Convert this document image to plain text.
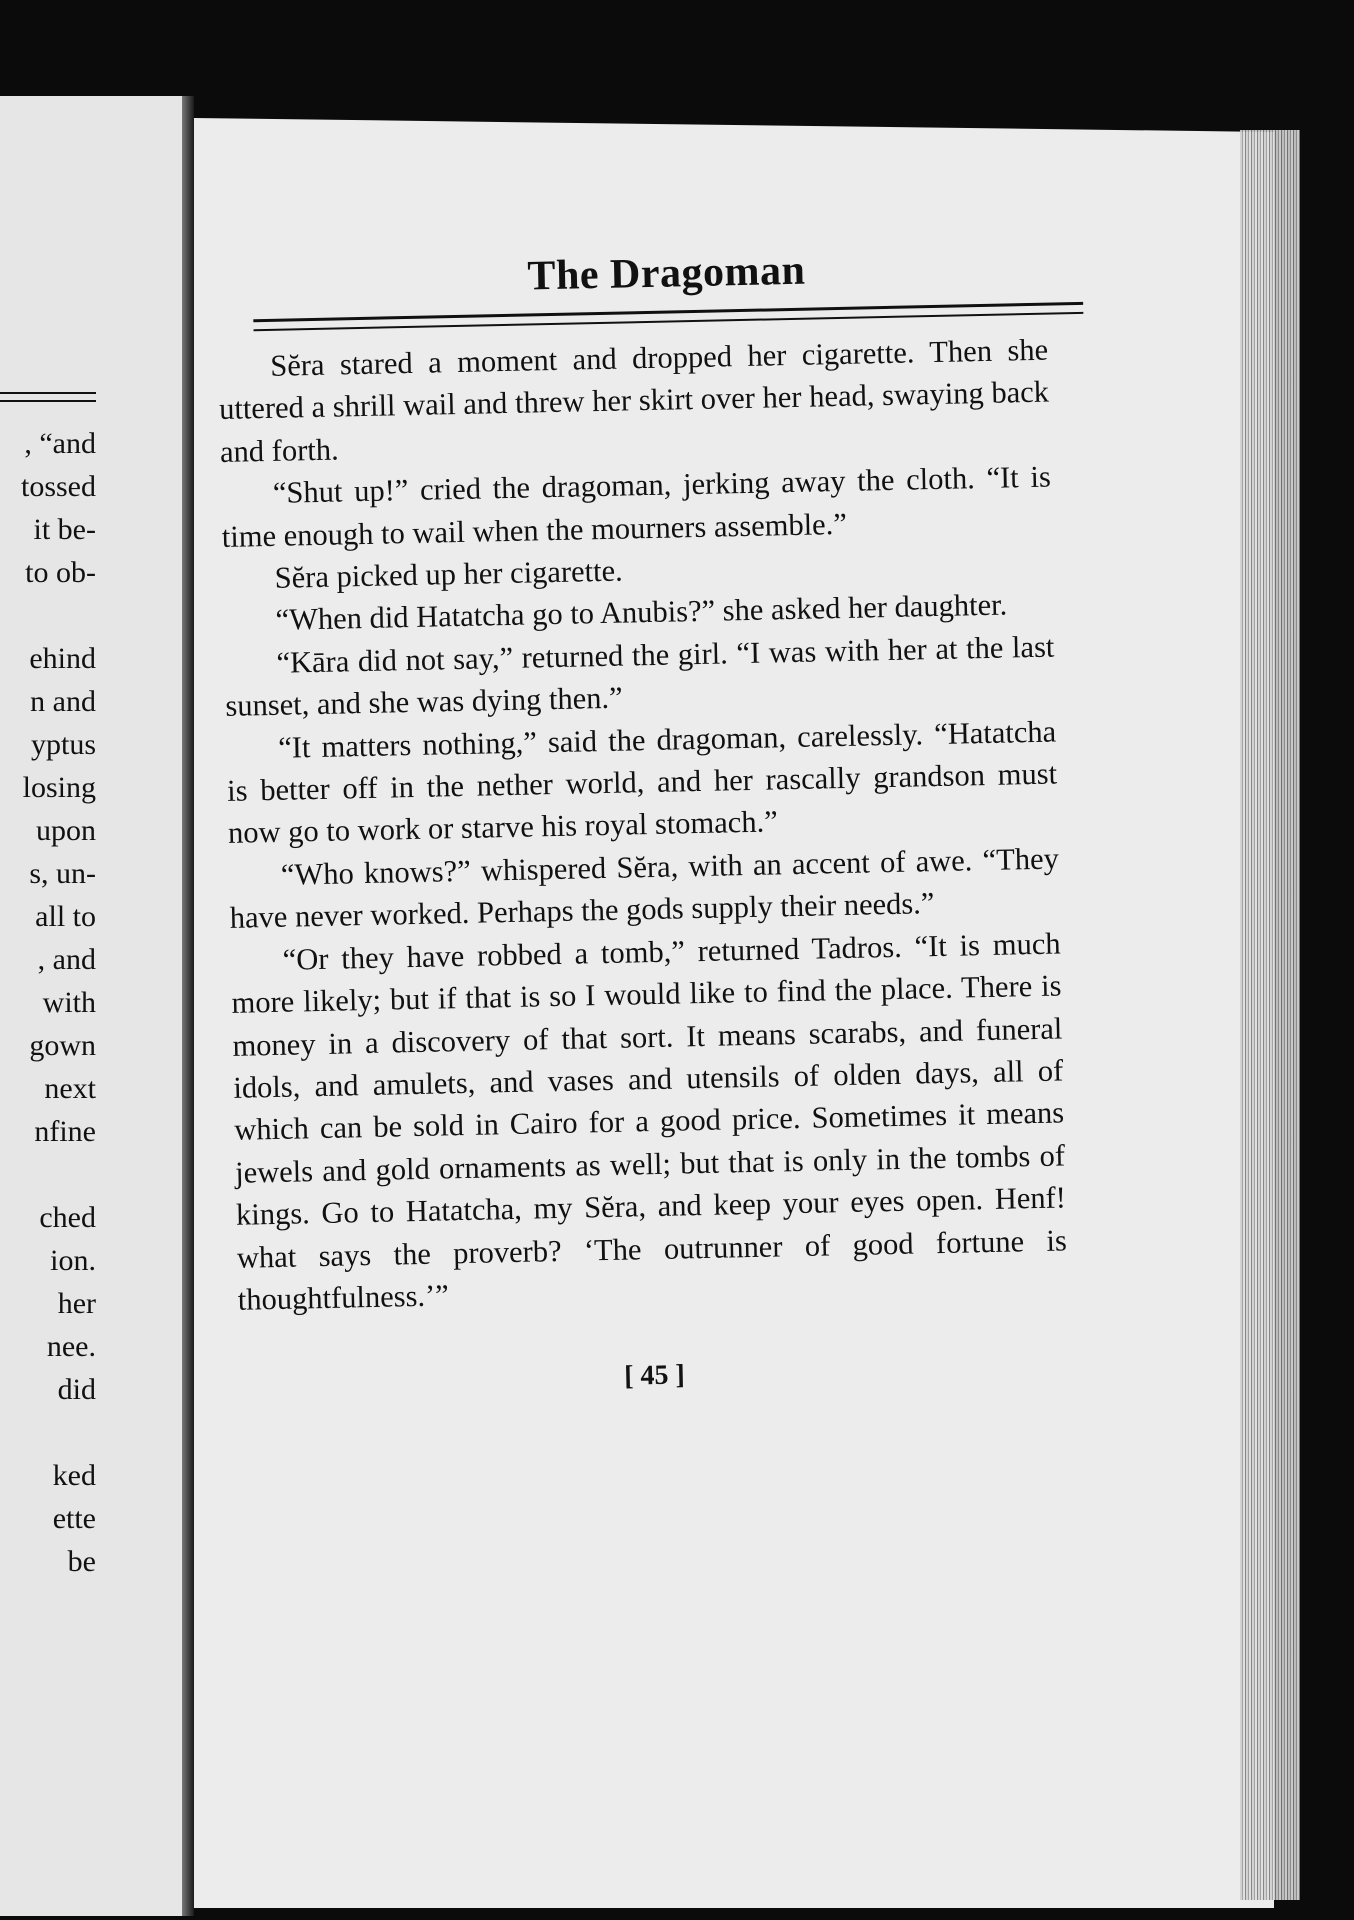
, “and
tossed
it be-
to ob-
ehind
n and
yptus
losing
upon
s, un-
all to
, and
with
gown
next
nfine
ched
ion.
her
nee.
did
ked
ette
be
The Dragoman

Sĕra stared a moment and dropped her cigarette. Then she uttered a shrill wail and threw her skirt over her head, swaying back and forth.

“Shut up!” cried the dragoman, jerking away the cloth. “It is time enough to wail when the mourners assemble.”

Sĕra picked up her cigarette.

“When did Hatatcha go to Anubis?” she asked her daughter.

“Kāra did not say,” returned the girl. “I was with her at the last sunset, and she was dying then.”

“It matters nothing,” said the dragoman, carelessly. “Hatatcha is better off in the nether world, and her rascally grandson must now go to work or starve his royal stomach.”

“Who knows?” whispered Sĕra, with an accent of awe. “They have never worked. Perhaps the gods supply their needs.”

“Or they have robbed a tomb,” returned Tadros. “It is much more likely; but if that is so I would like to find the place. There is money in a discovery of that sort. It means scarabs, and funeral idols, and amulets, and vases and utensils of olden days, all of which can be sold in Cairo for a good price. Sometimes it means jewels and gold ornaments as well; but that is only in the tombs of kings. Go to Hatatcha, my Sĕra, and keep your eyes open. Henf! what says the proverb? ‘The outrunner of good fortune is thoughtfulness.’”

[ 45 ]
